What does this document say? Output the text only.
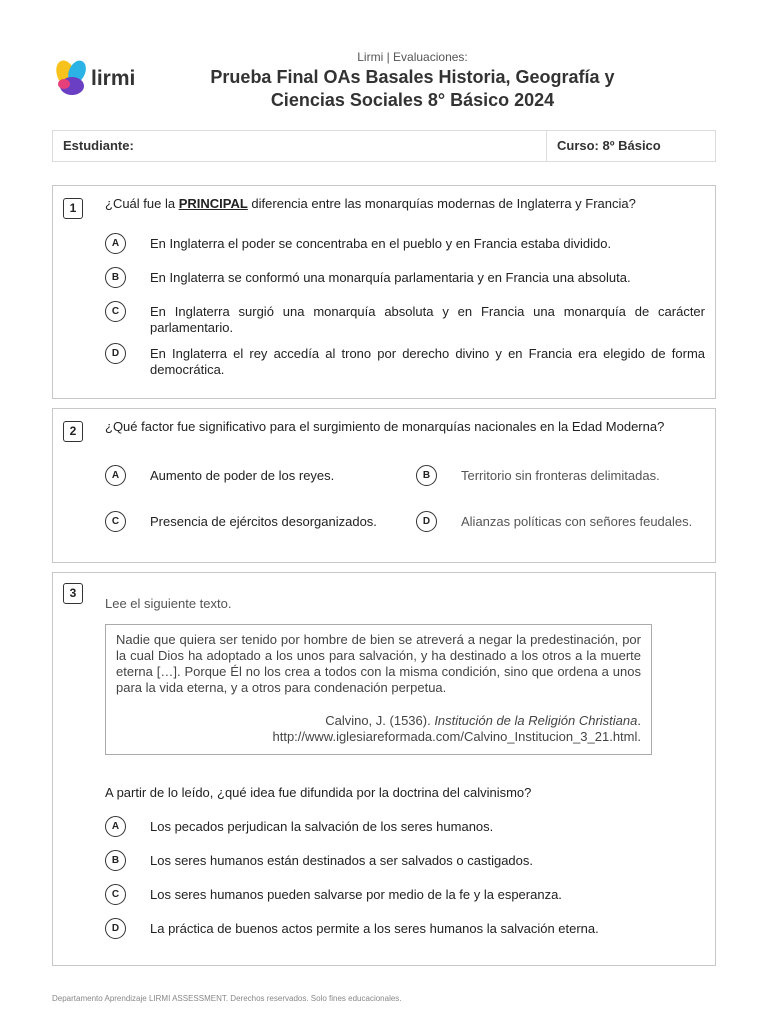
lirmi
Lirmi | Evaluaciones:
Prueba Final OAs Basales Historia, Geografía y
Ciencias Sociales 8° Básico 2024
Estudiante:	Curso: 8º Básico
1	¿Cuál fue la PRINCIPAL diferencia entre las monarquías modernas de Inglaterra y Francia?
A	En Inglaterra el poder se concentraba en el pueblo y en Francia estaba dividido.
B	En Inglaterra se conformó una monarquía parlamentaria y en Francia una absoluta.
C	En Inglaterra surgió una monarquía absoluta y en Francia una monarquía de carácter parlamentario.
D	En Inglaterra el rey accedía al trono por derecho divino y en Francia era elegido de forma democrática.
2	¿Qué factor fue significativo para el surgimiento de monarquías nacionales en la Edad Moderna?
A	Aumento de poder de los reyes.	B	Territorio sin fronteras delimitadas.
C	Presencia de ejércitos desorganizados.	D	Alianzas políticas con señores feudales.
3
Lee el siguiente texto.
Nadie que quiera ser tenido por hombre de bien se atreverá a negar la predestinación, por la cual Dios ha adoptado a los unos para salvación, y ha destinado a los otros a la muerte eterna […]. Porque Él no los crea a todos con la misma condición, sino que ordena a unos para la vida eterna, y a otros para condenación perpetua.
Calvino, J. (1536). Institución de la Religión Christiana.
http://www.iglesiareformada.com/Calvino_Institucion_3_21.html.
A partir de lo leído, ¿qué idea fue difundida por la doctrina del calvinismo?
A	Los pecados perjudican la salvación de los seres humanos.
B	Los seres humanos están destinados a ser salvados o castigados.
C	Los seres humanos pueden salvarse por medio de la fe y la esperanza.
D	La práctica de buenos actos permite a los seres humanos la salvación eterna.
Departamento Aprendizaje LIRMI ASSESSMENT. Derechos reservados. Solo fines educacionales.
